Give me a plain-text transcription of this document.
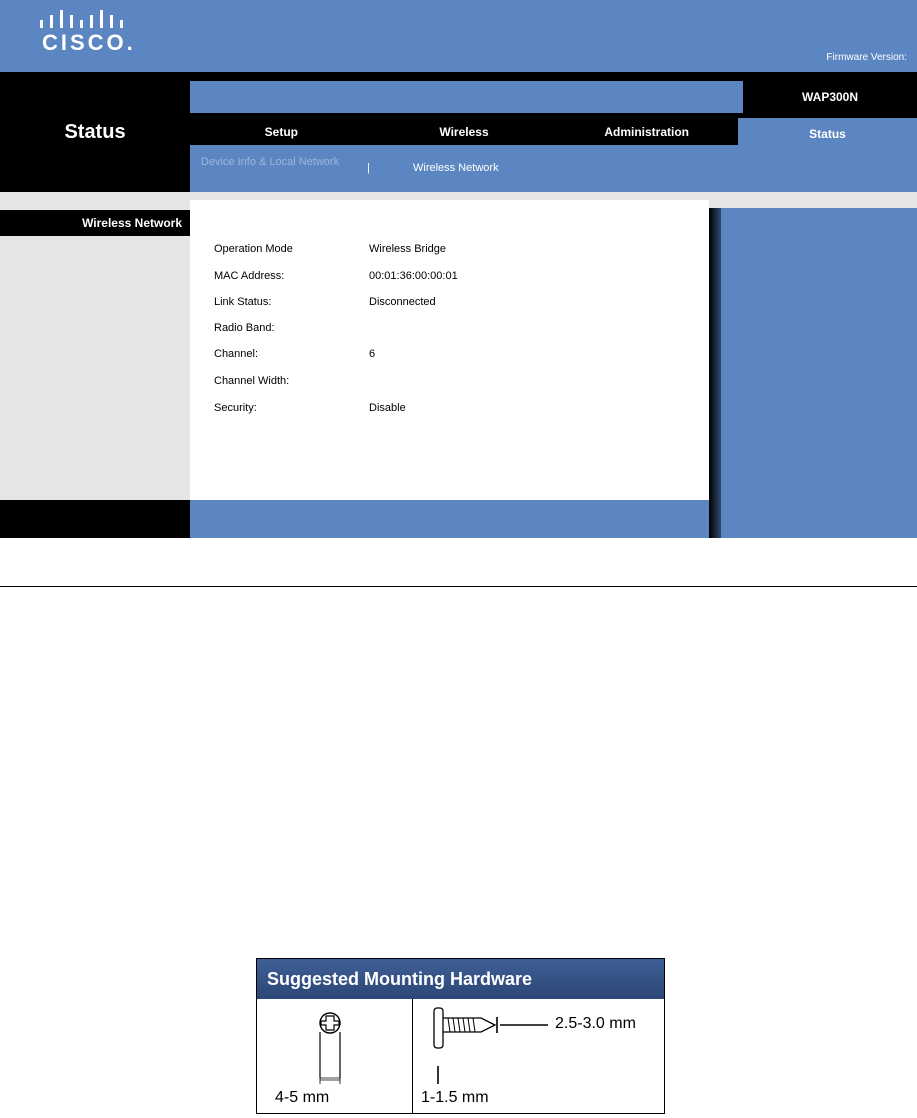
CISCO.
Firmware Version:
Status
WAP300N
Setup	Wireless	Administration	Status
Device Info & Local Network	|	Wireless Network
Wireless Network
Operation Mode	Wireless Bridge
MAC Address:	00:01:36:00:00:01
Link Status:	Disconnected
Radio Band:
Channel:	6
Channel Width:
Security:	Disable
Suggested Mounting Hardware
4-5 mm
2.5-3.0 mm
1-1.5 mm
